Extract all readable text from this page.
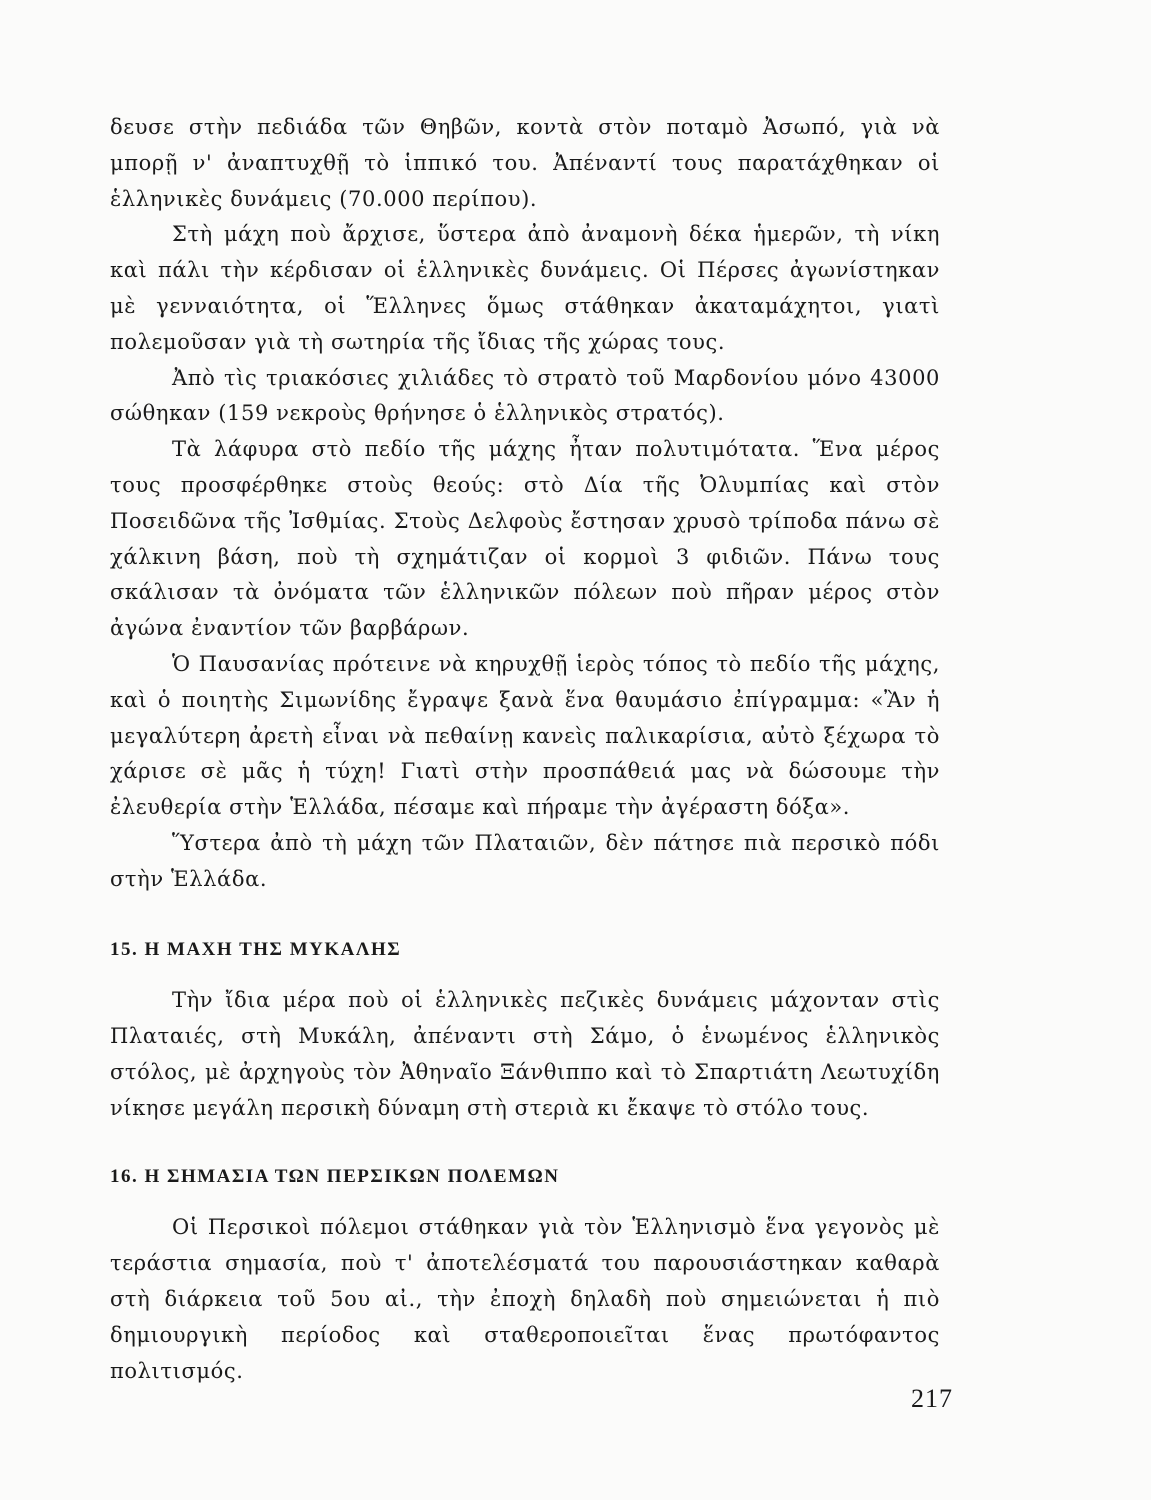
δευσε στὴν πεδιάδα τῶν Θηβῶν, κοντὰ στὸν ποταμὸ Ἀσωπό, γιὰ νὰ μπορῇ ν' ἀναπτυχθῇ τὸ ἱππικό του. Ἀπέναντί τους παρατάχθηκαν οἱ ἑλληνικὲς δυνάμεις (70.000 περίπου).

Στὴ μάχη ποὺ ἄρχισε, ὕστερα ἀπὸ ἀναμονὴ δέκα ἡμερῶν, τὴ νίκη καὶ πάλι τὴν κέρδισαν οἱ ἑλληνικὲς δυνάμεις. Οἱ Πέρσες ἀγωνίστηκαν μὲ γενναιότητα, οἱ Ἕλληνες ὅμως στάθηκαν ἀκαταμάχητοι, γιατὶ πολεμοῦσαν γιὰ τὴ σωτηρία τῆς ἴδιας τῆς χώρας τους.

Ἀπὸ τὶς τριακόσιες χιλιάδες τὸ στρατὸ τοῦ Μαρδονίου μόνο 43000 σώθηκαν (159 νεκροὺς θρήνησε ὁ ἑλληνικὸς στρατός).

Τὰ λάφυρα στὸ πεδίο τῆς μάχης ἦταν πολυτιμότατα. Ἕνα μέρος τους προσφέρθηκε στοὺς θεούς: στὸ Δία τῆς Ὀλυμπίας καὶ στὸν Ποσειδῶνα τῆς Ἰσθμίας. Στοὺς Δελφοὺς ἔστησαν χρυσὸ τρίποδα πάνω σὲ χάλκινη βάση, ποὺ τὴ σχημάτιζαν οἱ κορμοὶ 3 φιδιῶν. Πάνω τους σκάλισαν τὰ ὀνόματα τῶν ἑλληνικῶν πόλεων ποὺ πῆραν μέρος στὸν ἀγώνα ἐναντίον τῶν βαρβάρων.

Ὁ Παυσανίας πρότεινε νὰ κηρυχθῇ ἱερὸς τόπος τὸ πεδίο τῆς μάχης, καὶ ὁ ποιητὴς Σιμωνίδης ἔγραψε ξανὰ ἕνα θαυμάσιο ἐπίγραμμα: «Ἂν ἡ μεγαλύτερη ἀρετὴ εἶναι νὰ πεθαίνῃ κανεὶς παλικαρίσια, αὐτὸ ξέχωρα τὸ χάρισε σὲ μᾶς ἡ τύχη! Γιατὶ στὴν προσπάθειά μας νὰ δώσουμε τὴν ἐλευθερία στὴν Ἑλλάδα, πέσαμε καὶ πήραμε τὴν ἀγέραστη δόξα».

Ὕστερα ἀπὸ τὴ μάχη τῶν Πλαταιῶν, δὲν πάτησε πιὰ περσικὸ πόδι στὴν Ἑλλάδα.

15. Η ΜΑΧΗ ΤΗΣ ΜΥΚΑΛΗΣ

Τὴν ἴδια μέρα ποὺ οἱ ἑλληνικὲς πεζικὲς δυνάμεις μάχονταν στὶς Πλαταιές, στὴ Μυκάλη, ἀπέναντι στὴ Σάμο, ὁ ἑνωμένος ἑλληνικὸς στόλος, μὲ ἀρχηγοὺς τὸν Ἀθηναῖο Ξάνθιππο καὶ τὸ Σπαρτιάτη Λεωτυχίδη νίκησε μεγάλη περσικὴ δύναμη στὴ στεριὰ κι ἔκαψε τὸ στόλο τους.

16. Η ΣΗΜΑΣΙΑ ΤΩΝ ΠΕΡΣΙΚΩΝ ΠΟΛΕΜΩΝ

Οἱ Περσικοὶ πόλεμοι στάθηκαν γιὰ τὸν Ἑλληνισμὸ ἕνα γεγονὸς μὲ τεράστια σημασία, ποὺ τ' ἀποτελέσματά του παρουσιάστηκαν καθαρὰ στὴ διάρκεια τοῦ 5ου αἰ., τὴν ἐποχὴ δηλαδὴ ποὺ σημειώνεται ἡ πιὸ δημιουργικὴ περίοδος καὶ σταθεροποιεῖται ἕνας πρωτόφαντος πολιτισμός.

217
